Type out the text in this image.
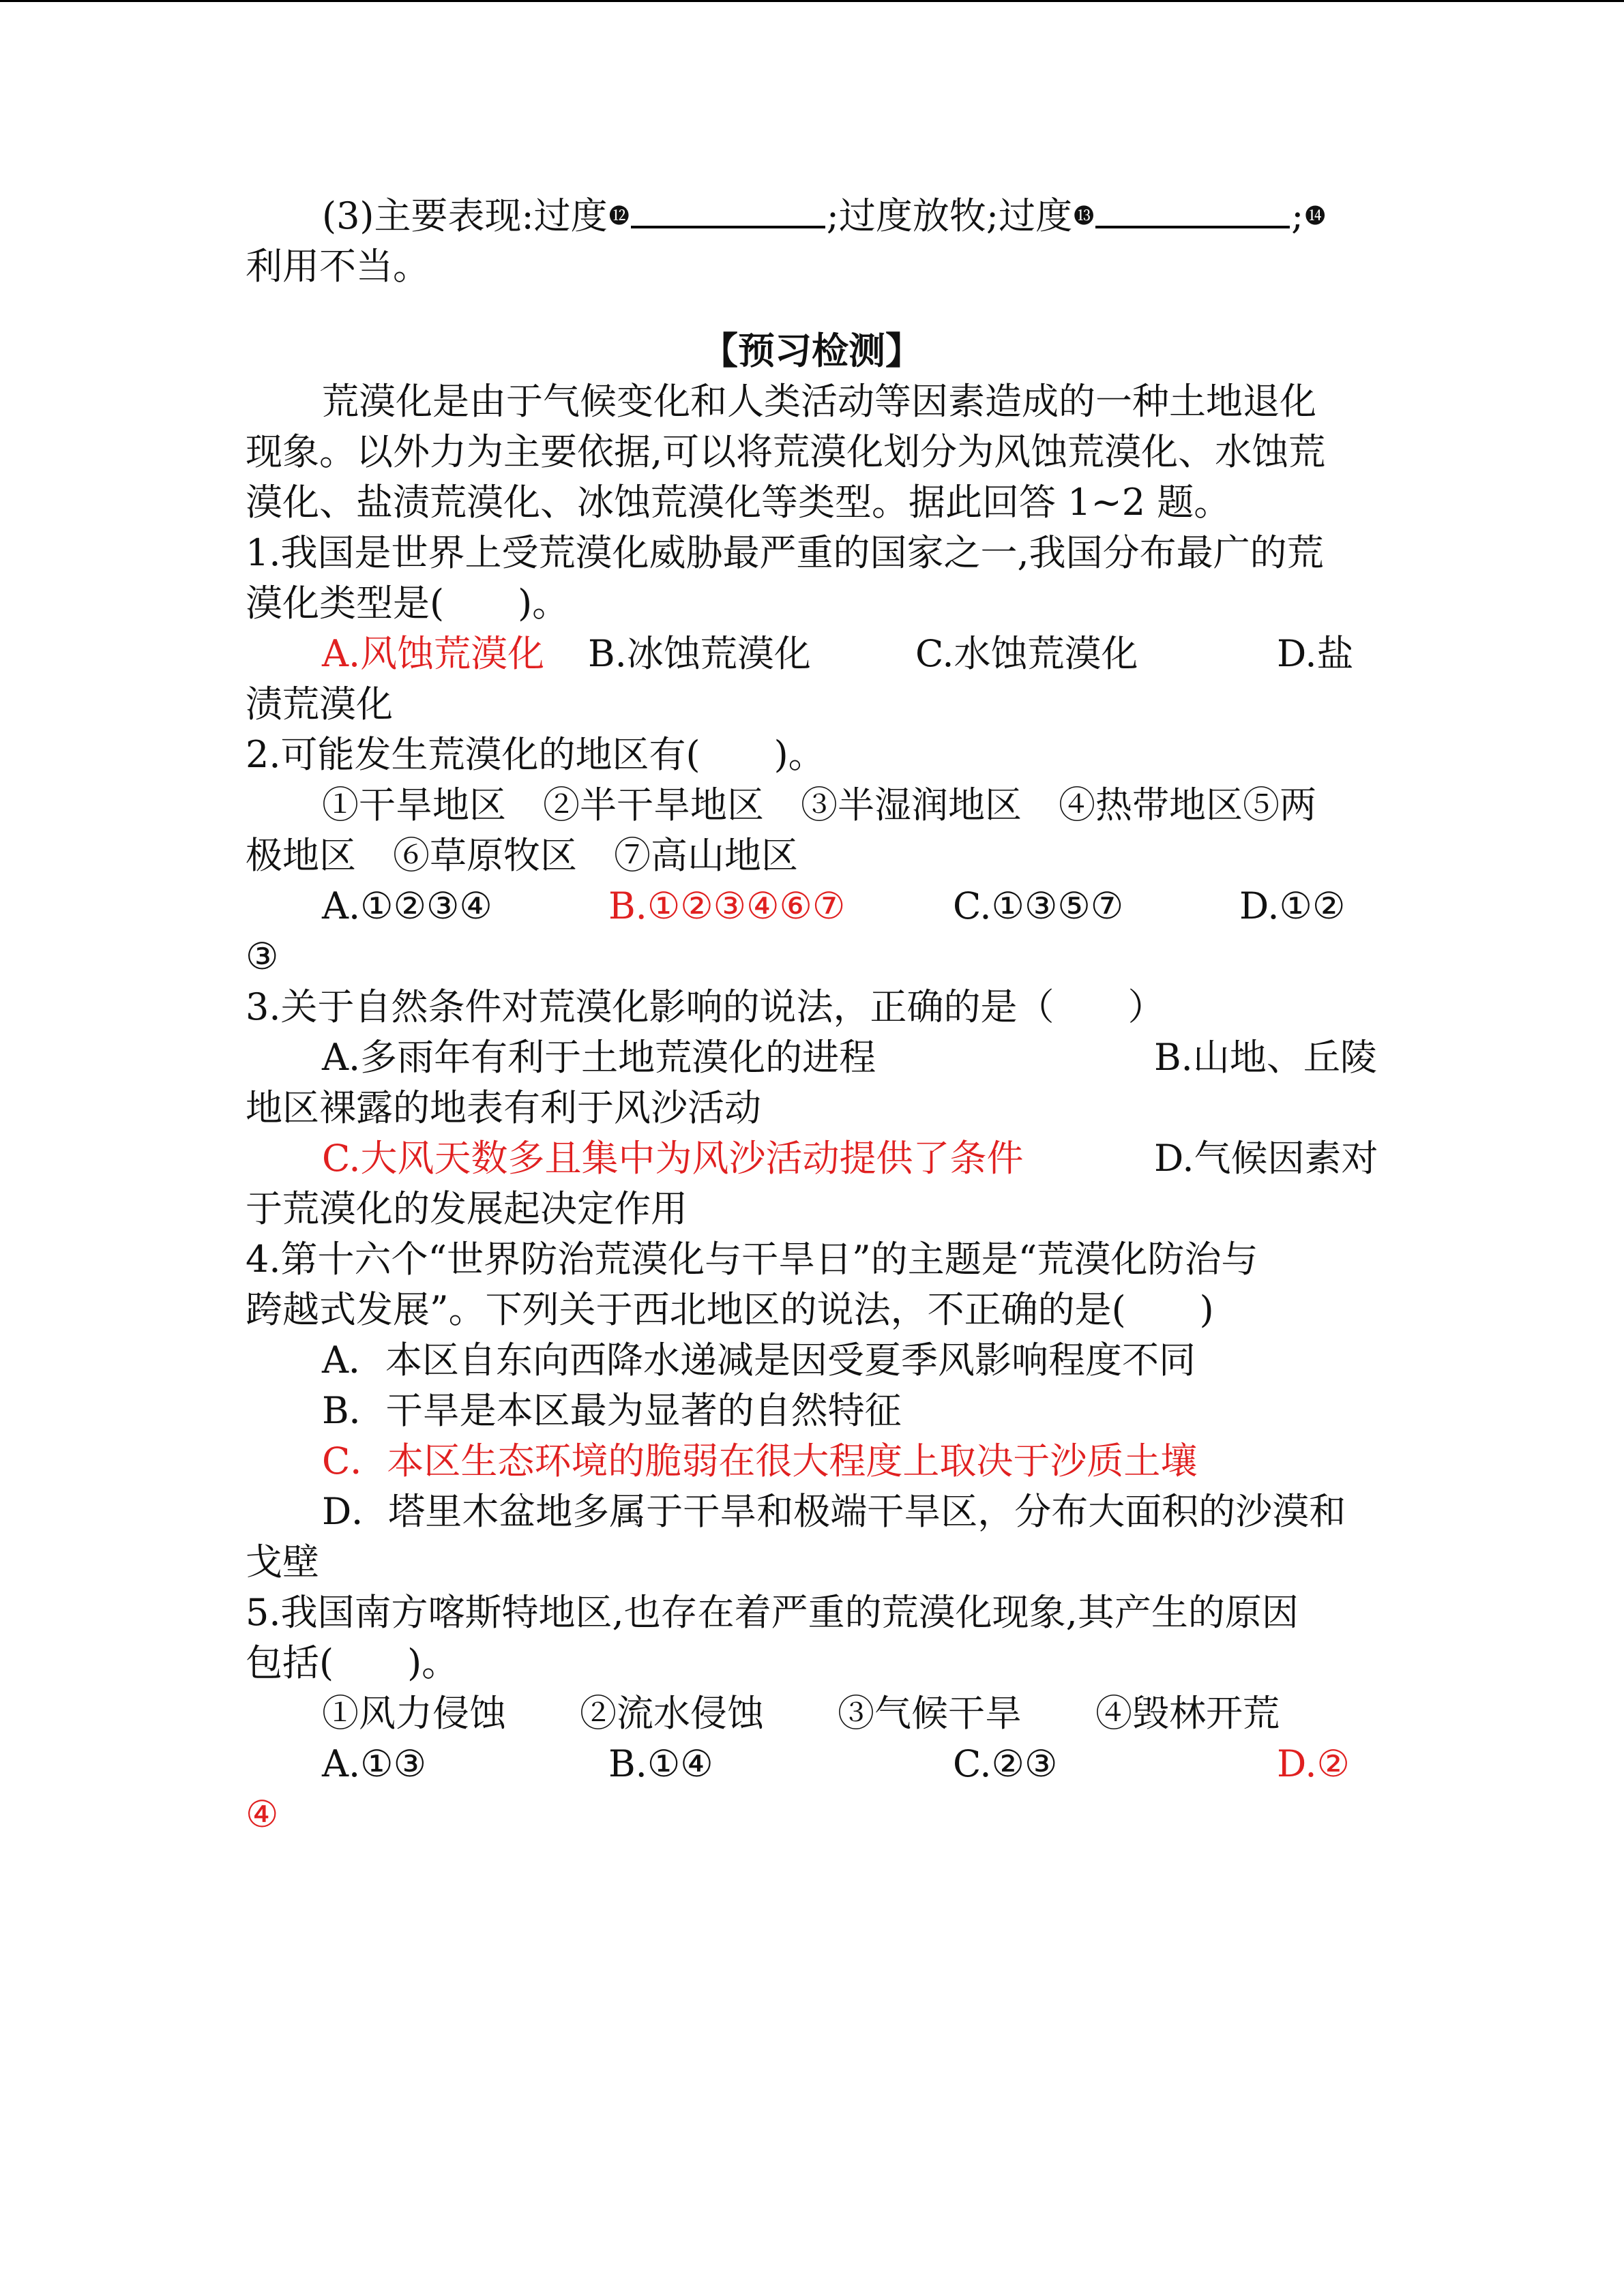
(3)主要表现:过度⓬	;过度放牧;过度⓭	;⓮
利用不当。
【预习检测】
荒漠化是由于气候变化和人类活动等因素造成的一种土地退化
现象。以外力为主要依据,可以将荒漠化划分为风蚀荒漠化、水蚀荒
漠化、盐渍荒漠化、冰蚀荒漠化等类型。据此回答 1~2 题。
1.我国是世界上受荒漠化威胁最严重的国家之一,我国分布最广的荒
漠化类型是(　　)。
A.风蚀荒漠化	B.冰蚀荒漠化	C.水蚀荒漠化	D.盐
渍荒漠化
2.可能发生荒漠化的地区有(　　)。
①干旱地区　②半干旱地区　③半湿润地区　④热带地区⑤两
极地区　⑥草原牧区　⑦高山地区
A.①②③④	B.①②③④⑥⑦	C.①③⑤⑦	D.①②
③
3.关于自然条件对荒漠化影响的说法，正确的是（　　）
A.多雨年有利于土地荒漠化的进程	B.山地、丘陵
地区裸露的地表有利于风沙活动
C.大风天数多且集中为风沙活动提供了条件	D.气候因素对
于荒漠化的发展起决定作用
4.第十六个“世界防治荒漠化与干旱日”的主题是“荒漠化防治与
跨越式发展”。下列关于西北地区的说法，不正确的是(　　)
A．本区自东向西降水递减是因受夏季风影响程度不同
B．干旱是本区最为显著的自然特征
C．本区生态环境的脆弱在很大程度上取决于沙质土壤
D．塔里木盆地多属于干旱和极端干旱区，分布大面积的沙漠和
戈壁
5.我国南方喀斯特地区,也存在着严重的荒漠化现象,其产生的原因
包括(　　)。
①风力侵蚀　　②流水侵蚀　　③气候干旱　　④毁林开荒
A.①③	B.①④	C.②③	D.②
④
